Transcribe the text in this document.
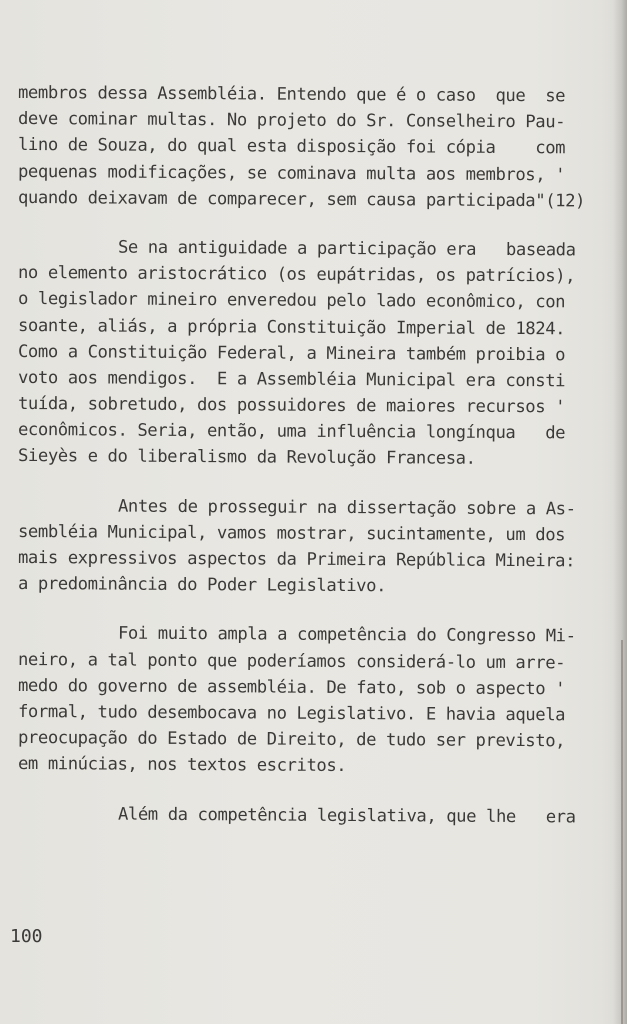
membros dessa Assembléia. Entendo que é o caso  que  se
deve cominar multas. No projeto do Sr. Conselheiro Pau-
lino de Souza, do qual esta disposição foi cópia    com
pequenas modificações, se cominava multa aos membros, '
quando deixavam de comparecer, sem causa participada"(12)
Se na antiguidade a participação era   baseada
no elemento aristocrático (os eupátridas, os patrícios),
o legislador mineiro enveredou pelo lado econômico, con
soante, aliás, a própria Constituição Imperial de 1824.
Como a Constituição Federal, a Mineira também proibia o
voto aos mendigos.  E a Assembléia Municipal era consti
tuída, sobretudo, dos possuidores de maiores recursos '
econômicos. Seria, então, uma influência longínqua   de
Sieyès e do liberalismo da Revolução Francesa.
Antes de prosseguir na dissertação sobre a As-
sembléia Municipal, vamos mostrar, sucintamente, um dos
mais expressivos aspectos da Primeira República Mineira:
a predominância do Poder Legislativo.
Foi muito ampla a competência do Congresso Mi-
neiro, a tal ponto que poderíamos considerá-lo um arre-
medo do governo de assembléia. De fato, sob o aspecto '
formal, tudo desembocava no Legislativo. E havia aquela
preocupação do Estado de Direito, de tudo ser previsto,
em minúcias, nos textos escritos.
Além da competência legislativa, que lhe   era
100
